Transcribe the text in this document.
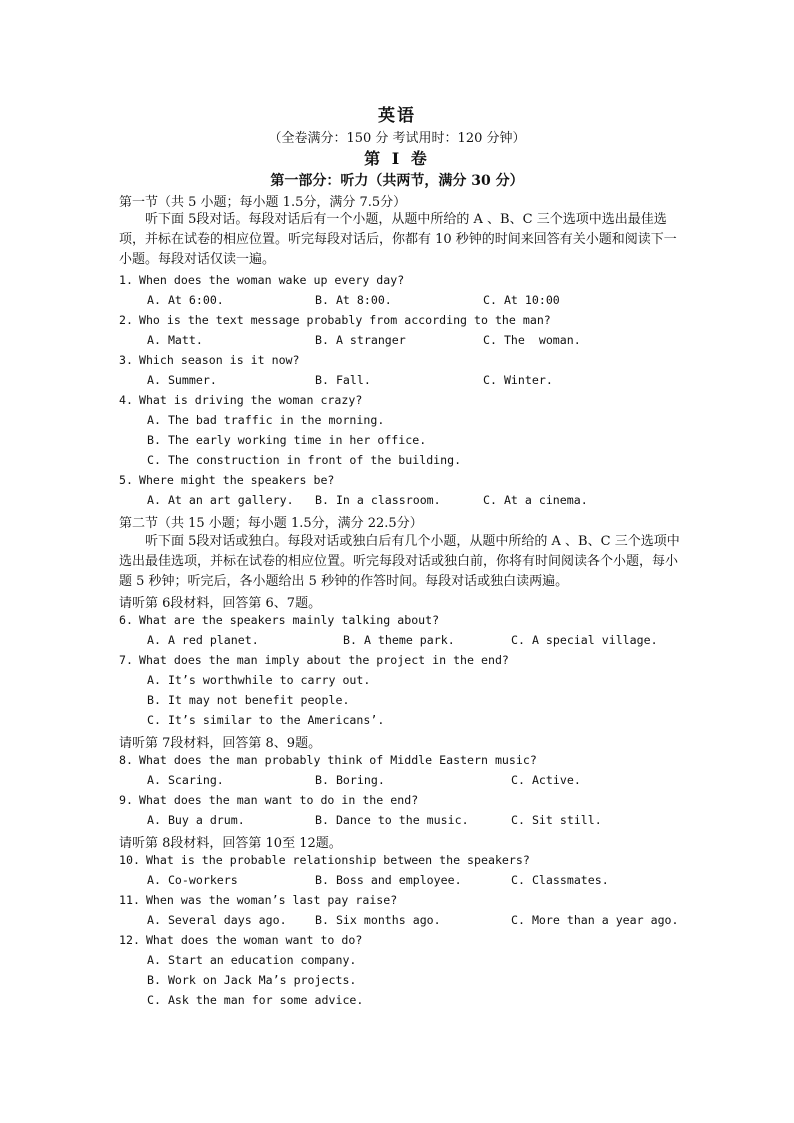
英语
（全卷满分：150 分 考试用时：120 分钟）
第 Ⅰ 卷
第一部分：听力（共两节，满分 30 分）
第一节（共 5 小题；每小题 1.5分，满分 7.5分）
听下面 5段对话。每段对话后有一个小题，从题中所给的 A 、B、C 三个选项中选出最佳选项，并标在试卷的相应位置。听完每段对话后，你都有 10 秒钟的时间来回答有关小题和阅读下一小题。每段对话仅读一遍。
1. When does the woman wake up every day?
A. At 6:00.	B. At 8:00.	C. At 10:00
2. Who is the text message probably from according to the man?
A. Matt.	B. A stranger	C. The  woman.
3. Which season is it now?
A. Summer.	B. Fall.	C. Winter.
4. What is driving the woman crazy?
A. The bad traffic in the morning.
B. The early working time in her office.
C. The construction in front of the building.
5. Where might the speakers be?
A. At an art gallery. B. In a classroom.	C. At a cinema.
第二节（共 15 小题；每小题 1.5分，满分 22.5分）
听下面 5段对话或独白。每段对话或独白后有几个小题，从题中所给的 A 、B、C 三个选项中选出最佳选项，并标在试卷的相应位置。听完每段对话或独白前，你将有时间阅读各个小题，每小题 5 秒钟；听完后，各小题给出 5 秒钟的作答时间。每段对话或独白读两遍。
请听第 6段材料，回答第 6、7题。
6. What are the speakers mainly talking about?
A. A red planet.	B. A theme park.	C. A special village.
7. What does the man imply about the project in the end?
A. It’s worthwhile to carry out.
B. It may not benefit people.
C. It’s similar to the Americans’.
请听第 7段材料，回答第 8、9题。
8. What does the man probably think of Middle Eastern music?
A. Scaring.	B. Boring.	C. Active.
9. What does the man want to do in the end?
A. Buy a drum.	B. Dance to the music.	C. Sit still.
请听第 8段材料，回答第 10至 12题。
10. What is the probable relationship between the speakers?
A. Co-workers	B. Boss and employee.	C. Classmates.
11. When was the woman’s last pay raise?
A. Several days ago. B. Six months ago.	C. More than a year ago.
12. What does the woman want to do?
A. Start an education company.
B. Work on Jack Ma’s projects.
C. Ask the man for some advice.
